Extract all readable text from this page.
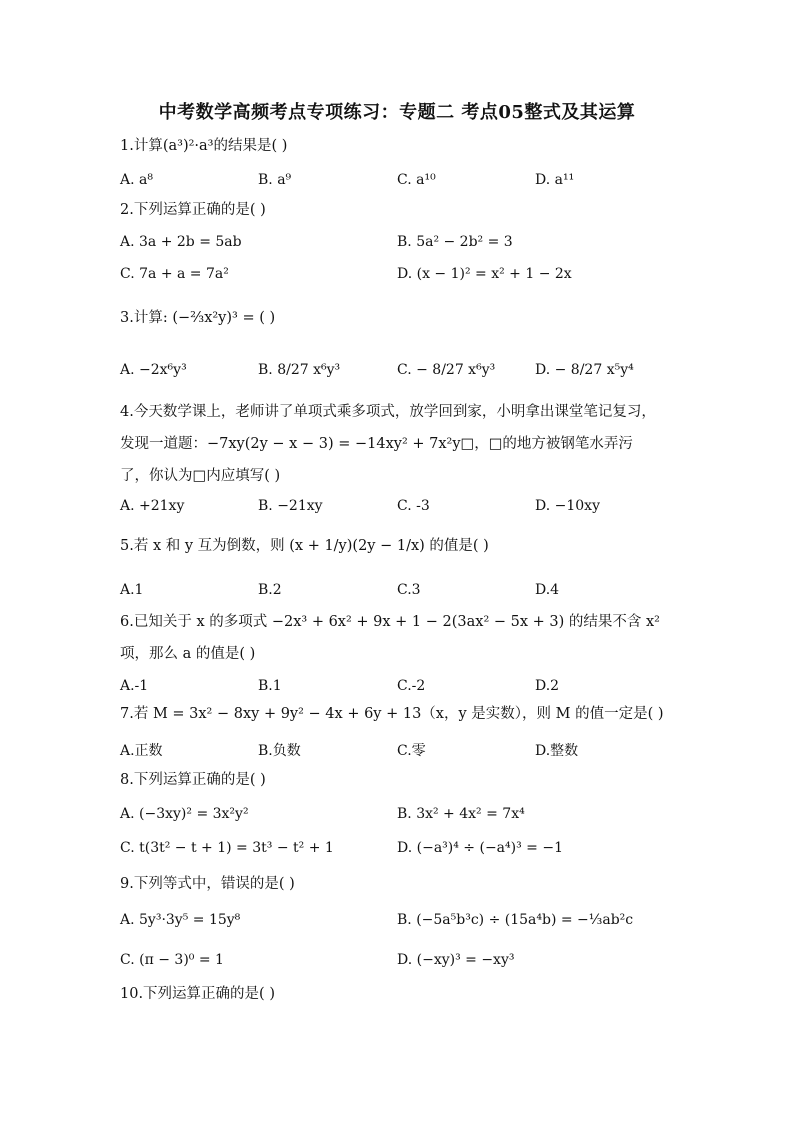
中考数学高频考点专项练习：专题二 考点05整式及其运算
1.计算(a³)²·a³的结果是( )
A. a⁸	B. a⁹	C. a¹⁰	D. a¹¹
2.下列运算正确的是( )
A. 3a + 2b = 5ab	B. 5a² − 2b² = 3
C. 7a + a = 7a²	D. (x − 1)² = x² + 1 − 2x
3.计算: (−⅔x²y)³ = ( )
A. −2x⁶y³	B. 8/27 x⁶y³	C. − 8/27 x⁶y³	D. − 8/27 x⁵y⁴
4.今天数学课上，老师讲了单项式乘多项式，放学回到家，小明拿出课堂笔记复习，发现一道题：−7xy(2y − x − 3) = −14xy² + 7x²y□，□的地方被钢笔水弄污了，你认为□内应填写( )
A. +21xy	B. −21xy	C. -3	D. −10xy
5.若 x 和 y 互为倒数，则 (x + 1/y)(2y − 1/x) 的值是( )
A.1	B.2	C.3	D.4
6.已知关于 x 的多项式 −2x³ + 6x² + 9x + 1 − 2(3ax² − 5x + 3) 的结果不含 x² 项，那么 a 的值是( )
A.-1	B.1	C.-2	D.2
7.若 M = 3x² − 8xy + 9y² − 4x + 6y + 13（x，y 是实数），则 M 的值一定是( )
A.正数	B.负数	C.零	D.整数
8.下列运算正确的是( )
A. (−3xy)² = 3x²y²	B. 3x² + 4x² = 7x⁴
C. t(3t² − t + 1) = 3t³ − t² + 1	D. (−a³)⁴ ÷ (−a⁴)³ = −1
9.下列等式中，错误的是( )
A. 5y³·3y⁵ = 15y⁸	B. (−5a⁵b³c) ÷ (15a⁴b) = −⅓ab²c
C. (π − 3)⁰ = 1	D. (−xy)³ = −xy³
10.下列运算正确的是( )
